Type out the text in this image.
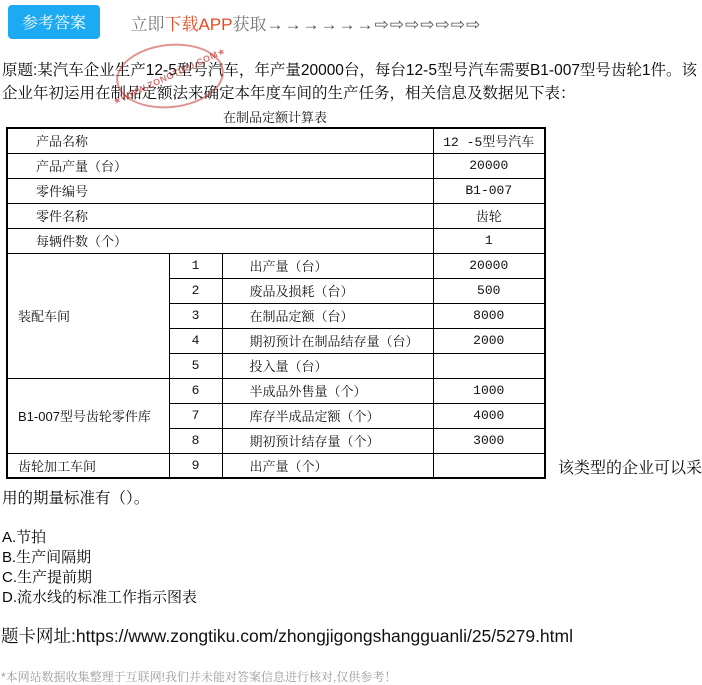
参考答案	立即下载APP获取→→→→→→⇨⇨⇨⇨⇨⇨⇨
★WWW.ZONGTIKU.COM★

原题:某汽车企业生产12-5型号汽车，年产量20000台，每台12-5型号汽车需要B1-007型号齿轮1件。该企业年初运用在制品定额法来确定本年度车间的生产任务，相关信息及数据见下表：

在制品定额计算表
产品名称			12 -5型号汽车
产品产量（台）			20000
零件编号			B1-007
零件名称			齿轮
每辆件数（个）			1
装配车间	1	出产量（台）	20000
	2	废品及损耗（台）	500
	3	在制品定额（台）	8000
	4	期初预计在制品结存量（台）	2000
	5	投入量（台）	
B1-007型号齿轮零件库	6	半成品外售量（个）	1000
	7	库存半成品定额（个）	4000
	8	期初预计结存量（个）	3000
齿轮加工车间	9	出产量（个）		该类型的企业可以采

用的期量标准有（）。

A.节拍
B.生产间隔期
C.生产提前期
D.流水线的标准工作指示图表
题卡网址:https://www.zongtiku.com/zhongjigongshangguanli/25/5279.html
*本网站数据收集整理于互联网!我们并未能对答案信息进行核对,仅供参考！
